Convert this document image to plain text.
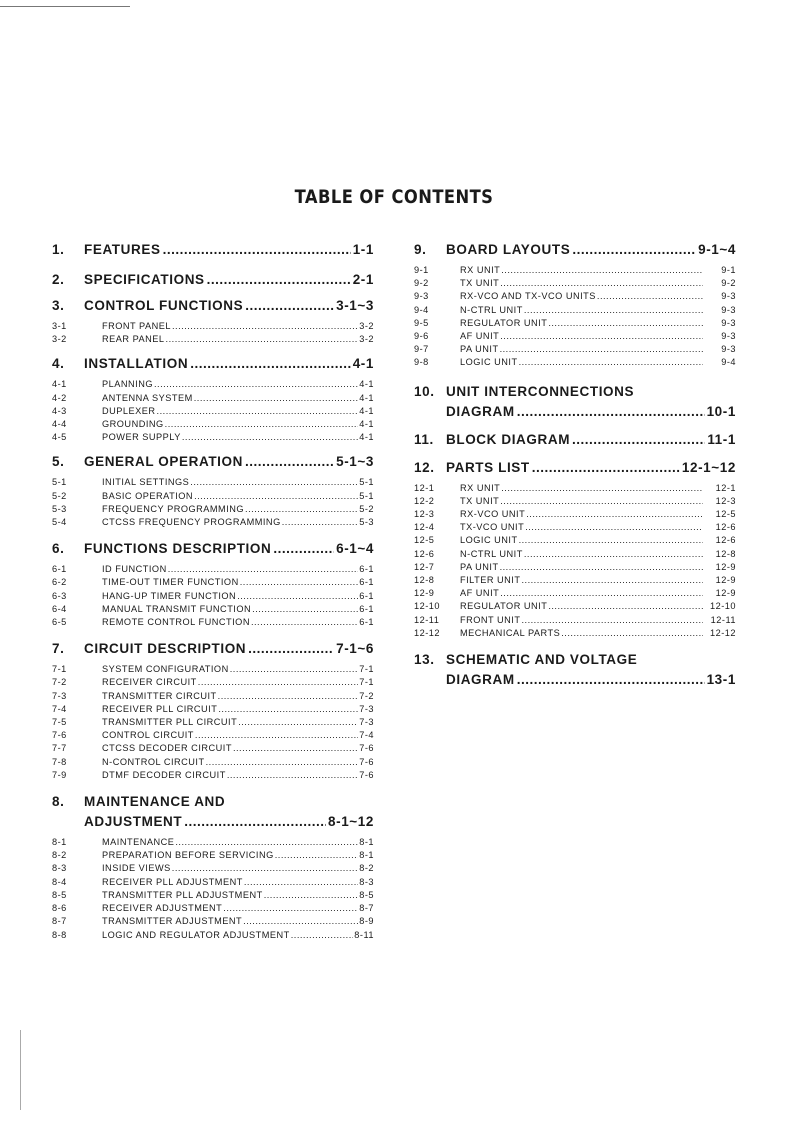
TABLE OF CONTENTS
1.	FEATURES .....	1-1
2.	SPECIFICATIONS .....	2-1
3.	CONTROL FUNCTIONS .....	3-1~3
3-1	FRONT PANEL .....	3-2
3-2	REAR PANEL .....	3-2
4.	INSTALLATION .....	4-1
4-1	PLANNING .....	4-1
4-2	ANTENNA SYSTEM .....	4-1
4-3	DUPLEXER .....	4-1
4-4	GROUNDING .....	4-1
4-5	POWER SUPPLY .....	4-1
5.	GENERAL OPERATION .....	5-1~3
5-1	INITIAL SETTINGS .....	5-1
5-2	BASIC OPERATION .....	5-1
5-3	FREQUENCY PROGRAMMING .....	5-2
5-4	CTCSS FREQUENCY PROGRAMMING .....	5-3
6.	FUNCTIONS DESCRIPTION .....	6-1~4
6-1	ID FUNCTION .....	6-1
6-2	TIME-OUT TIMER FUNCTION .....	6-1
6-3	HANG-UP TIMER FUNCTION .....	6-1
6-4	MANUAL TRANSMIT FUNCTION .....	6-1
6-5	REMOTE CONTROL FUNCTION .....	6-1
7.	CIRCUIT DESCRIPTION .....	7-1~6
7-1	SYSTEM CONFIGURATION .....	7-1
7-2	RECEIVER CIRCUIT .....	7-1
7-3	TRANSMITTER CIRCUIT .....	7-2
7-4	RECEIVER PLL CIRCUIT .....	7-3
7-5	TRANSMITTER PLL CIRCUIT .....	7-3
7-6	CONTROL CIRCUIT .....	7-4
7-7	CTCSS DECODER CIRCUIT .....	7-6
7-8	N-CONTROL CIRCUIT .....	7-6
7-9	DTMF DECODER CIRCUIT .....	7-6
8. MAINTENANCE AND
ADJUSTMENT .....	8-1~12
8-1	MAINTENANCE .....	8-1
8-2	PREPARATION BEFORE SERVICING .....	8-1
8-3	INSIDE VIEWS .....	8-2
8-4	RECEIVER PLL ADJUSTMENT .....	8-3
8-5	TRANSMITTER PLL ADJUSTMENT .....	8-5
8-6	RECEIVER ADJUSTMENT .....	8-7
8-7	TRANSMITTER ADJUSTMENT .....	8-9
8-8	LOGIC AND REGULATOR ADJUSTMENT .....	8-11
9.	BOARD LAYOUTS .....	9-1~4
9-1	RX UNIT .....	9-1
9-2	TX UNIT .....	9-2
9-3	RX-VCO AND TX-VCO UNITS .....	9-3
9-4	N-CTRL UNIT .....	9-3
9-5	REGULATOR UNIT .....	9-3
9-6	AF UNIT .....	9-3
9-7	PA UNIT .....	9-3
9-8	LOGIC UNIT .....	9-4
10. UNIT INTERCONNECTIONS
DIAGRAM .....	10-1
11. BLOCK DIAGRAM .....	11-1
12. PARTS LIST .....	12-1~12
12-1	RX UNIT .....	12-1
12-2	TX UNIT .....	12-3
12-3	RX-VCO UNIT .....	12-5
12-4	TX-VCO UNIT .....	12-6
12-5	LOGIC UNIT .....	12-6
12-6	N-CTRL UNIT .....	12-8
12-7	PA UNIT .....	12-9
12-8	FILTER UNIT .....	12-9
12-9	AF UNIT .....	12-9
12-10	REGULATOR UNIT .....	12-10
12-11	FRONT UNIT .....	12-11
12-12	MECHANICAL PARTS .....	12-12
13. SCHEMATIC AND VOLTAGE
DIAGRAM .....	13-1
